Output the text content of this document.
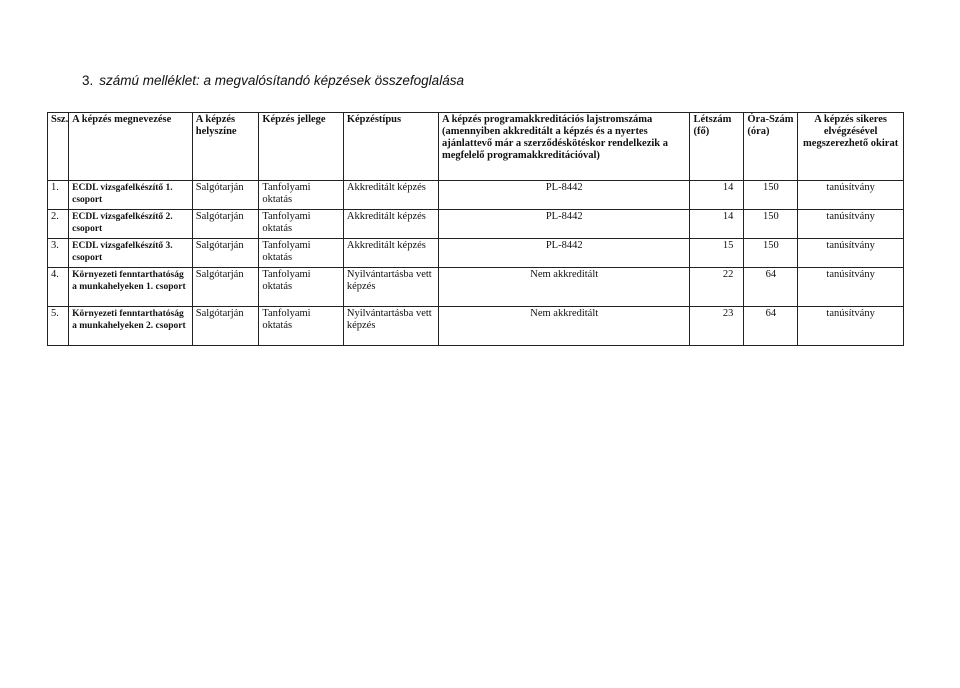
3. számú melléklet: a megvalósítandó képzések összefoglalása
Ssz.	A képzés megnevezése	A képzés helyszíne	Képzés jellege	Képzéstípus	A képzés programakkreditációs lajstromszáma (amennyiben akkreditált a képzés és a nyertes ajánlattevő már a szerződéskötéskor rendelkezik a megfelelő programakkreditációval)	Létszám (fő)	Óra-Szám (óra)	A képzés sikeres elvégzésével megszerezhető okirat
1.	ECDL vizsgafelkészítő 1. csoport	Salgótarján	Tanfolyami oktatás	Akkreditált képzés	PL-8442	14	150	tanúsítvány
2.	ECDL vizsgafelkészítő 2. csoport	Salgótarján	Tanfolyami oktatás	Akkreditált képzés	PL-8442	14	150	tanúsítvány
3.	ECDL vizsgafelkészítő 3. csoport	Salgótarján	Tanfolyami oktatás	Akkreditált képzés	PL-8442	15	150	tanúsítvány
4.	Környezeti fenntarthatóság a munkahelyeken 1. csoport	Salgótarján	Tanfolyami oktatás	Nyilvántartásba vett képzés	Nem akkreditált	22	64	tanúsítvány
5.	Környezeti fenntarthatóság a munkahelyeken 2. csoport	Salgótarján	Tanfolyami oktatás	Nyilvántartásba vett képzés	Nem akkreditált	23	64	tanúsítvány
